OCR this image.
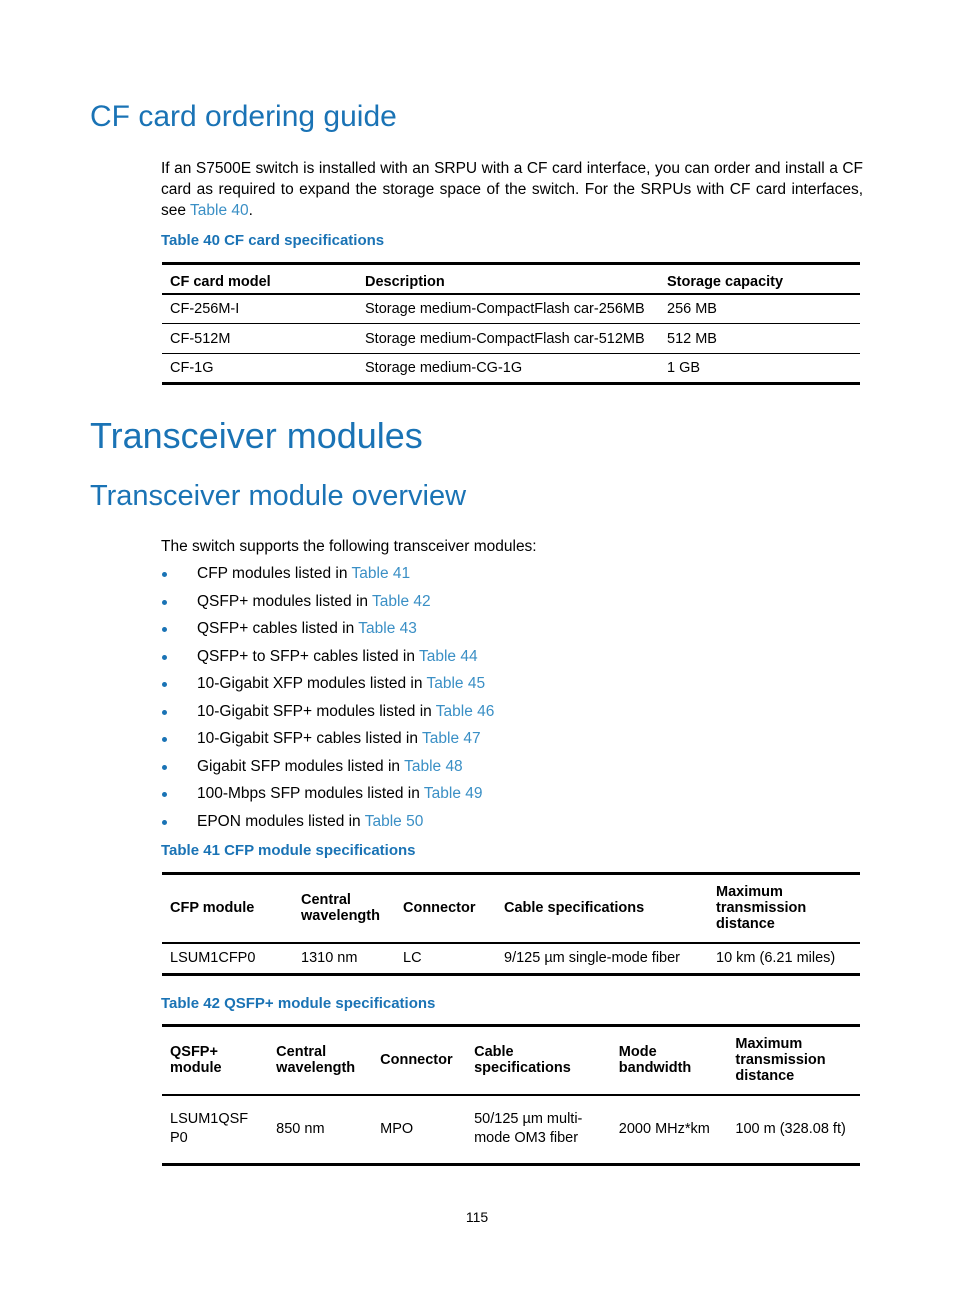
CF card ordering guide

If an S7500E switch is installed with an SRPU with a CF card interface, you can order and install a CF card as required to expand the storage space of the switch. For the SRPUs with CF card interfaces, see Table 40.

Table 40 CF card specifications
CF card model	Description	Storage capacity
CF-256M-I	Storage medium-CompactFlash car-256MB	256 MB
CF-512M	Storage medium-CompactFlash car-512MB	512 MB
CF-1G	Storage medium-CG-1G	1 GB
Transceiver modules
Transceiver module overview

The switch supports the following transceiver modules:

CFP modules listed in Table 41
QSFP+ modules listed in Table 42
QSFP+ cables listed in Table 43
QSFP+ to SFP+ cables listed in Table 44
10-Gigabit XFP modules listed in Table 45
10-Gigabit SFP+ modules listed in Table 46
10-Gigabit SFP+ cables listed in Table 47
Gigabit SFP modules listed in Table 48
100-Mbps SFP modules listed in Table 49
EPON modules listed in Table 50
Table 41 CFP module specifications
CFP module	Central wavelength	Connector	Cable specifications	Maximum transmission distance
LSUM1CFP0	1310 nm	LC	9/125 µm single-mode fiber	10 km (6.21 miles)
Table 42 QSFP+ module specifications
QSFP+ module	Central wavelength	Connector	Cable specifications	Mode bandwidth	Maximum transmission distance
LSUM1QSF P0	850 nm	MPO	50/125 µm multi-mode OM3 fiber	2000 MHz*km	100 m (328.08 ft)
115
